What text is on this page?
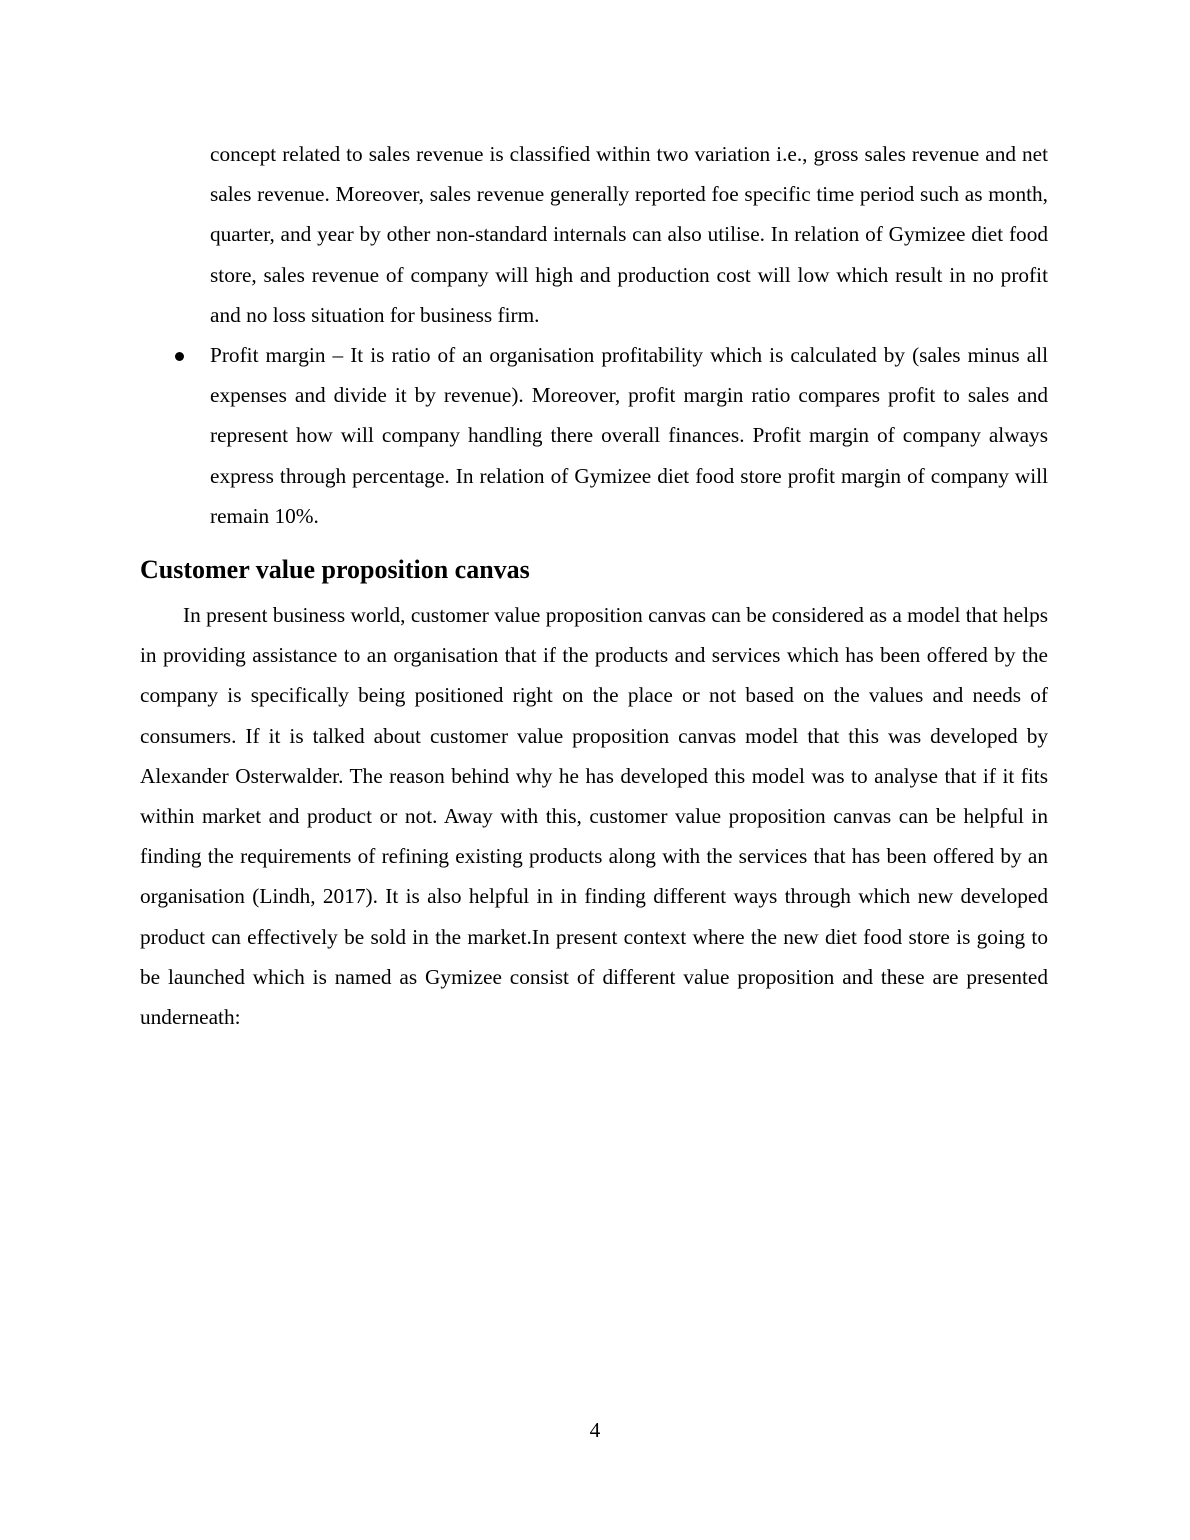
concept related to sales revenue is classified within two variation i.e., gross sales revenue and net sales revenue. Moreover, sales revenue generally reported foe specific time period such as month, quarter, and year by other non-standard internals can also utilise. In relation of Gymizee diet food store, sales revenue of company will high and production cost will low which result in no profit and no loss situation for business firm.

Profit margin – It is ratio of an organisation profitability which is calculated by (sales minus all expenses and divide it by revenue). Moreover, profit margin ratio compares profit to sales and represent how will company handling there overall finances. Profit margin of company always express through percentage. In relation of Gymizee diet food store profit margin of company will remain 10%.

Customer value proposition canvas

In present business world, customer value proposition canvas can be considered as a model that helps in providing assistance to an organisation that if the products and services which has been offered by the company is specifically being positioned right on the place or not based on the values and needs of consumers. If it is talked about customer value proposition canvas model that this was developed by Alexander Osterwalder. The reason behind why he has developed this model was to analyse that if it fits within market and product or not. Away with this, customer value proposition canvas can be helpful in finding the requirements of refining existing products along with the services that has been offered by an organisation (Lindh, 2017). It is also helpful in in finding different ways through which new developed product can effectively be sold in the market.In present context where the new diet food store is going to be launched which is named as Gymizee consist of different value proposition and these are presented underneath:

4
